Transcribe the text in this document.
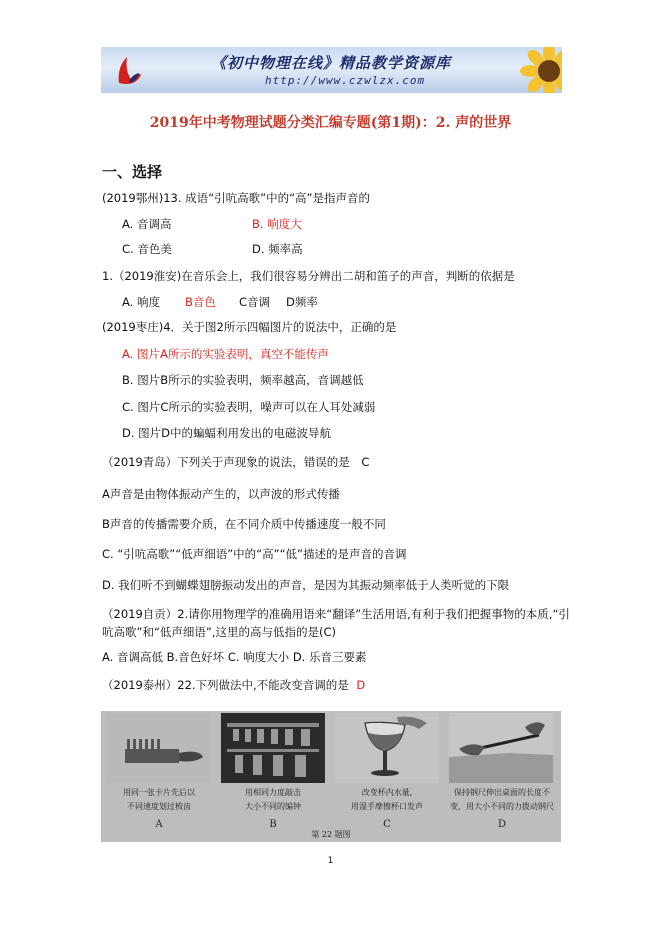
《初中物理在线》精品教学资源库
http://www.czwlzx.com
2019年中考物理试题分类汇编专题(第1期)：2. 声的世界
一、选择
(2019鄂州)13. 成语“引吭高歌”中的“高”是指声音的
A. 音调高	B. 响度大
C. 音色美	D. 频率高
1.（2019淮安)在音乐会上，我们很容易分辨出二胡和笛子的声音，判断的依据是
A. 响度 B音色 C音调 D频率
(2019枣庄)4．关于图2所示四幅图片的说法中，正确的是
A. 图片A所示的实验表明，真空不能传声
B. 图片B所示的实验表明，频率越高，音调越低
C. 图片C所示的实验表明，噪声可以在人耳处减弱
D. 图片D中的蝙蝠利用发出的电磁波导航
（2019青岛）下列关于声现象的说法，错误的是 C
A声音是由物体振动产生的，以声波的形式传播
B声音的传播需要介质，在不同介质中传播速度一般不同
C. “引吭高歌”“低声细语”中的“高”“低”描述的是声音的音调
D. 我们听不到蝴蝶翅膀振动发出的声音，是因为其振动频率低于人类听觉的下限
（2019自贡）2.请你用物理学的准确用语来“翻译”生活用语,有利于我们把握事物的本质,“引
吭高歌”和“低声细语”,这里的高与低指的是(C)
A. 音调高低 B.音色好坏 C. 响度大小 D. 乐音三要素
（2019泰州）22.下列做法中,不能改变音调的是 D
用同一张卡片先后以
不同速度划过梳齿
A
用相同力度敲击
大小不同的编钟
B
改变杯内水量,
用湿手摩擦杯口发声
C
保持钢尺伸出桌面的长度不
变，用大小不同的力拨动钢尺
D
第 22 题图
1
